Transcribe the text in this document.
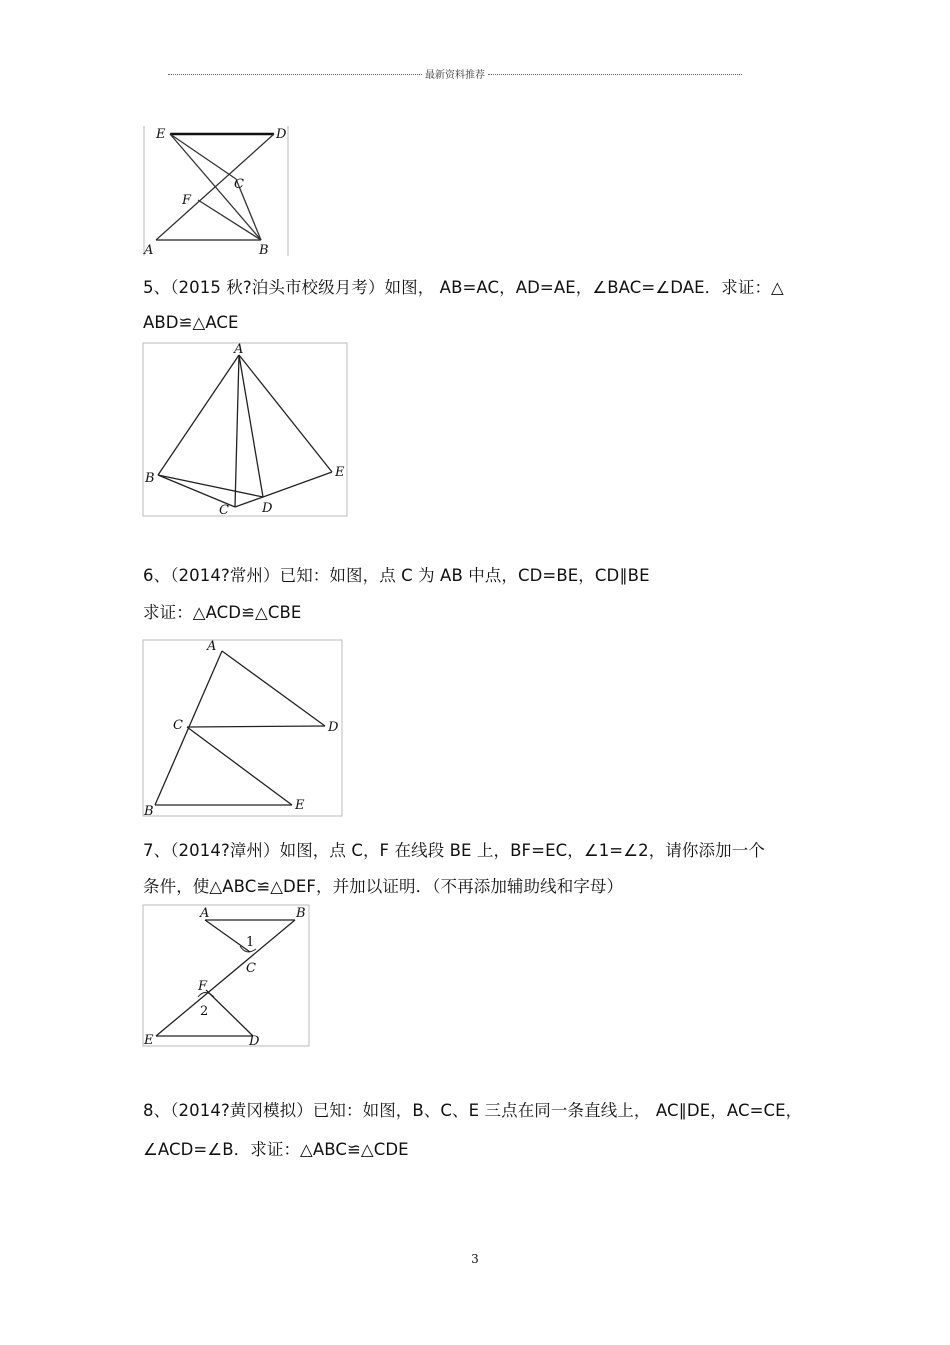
最新资料推荐
E	D
C
F
A	B
5、（2015 秋?泊头市校级月考）如图， AB=AC，AD=AE，∠BAC=∠DAE．求证：△
ABD≌△ACE
A
B
C	D
E
6、（2014?常州）已知：如图，点 C 为 AB 中点，CD=BE，CD∥BE
求证：△ACD≌△CBE
A
C	D
B	E
7、（2014?漳州）如图，点 C，F 在线段 BE 上，BF=EC，∠1=∠2，请你添加一个
条件，使△ABC≌△DEF，并加以证明．（不再添加辅助线和字母）
A	B
1
C
F
2
E	D
8、（2014?黄冈模拟）已知：如图，B、C、E 三点在同一条直线上， AC∥DE，AC=CE，
∠ACD=∠B．求证：△ABC≌△CDE
3
